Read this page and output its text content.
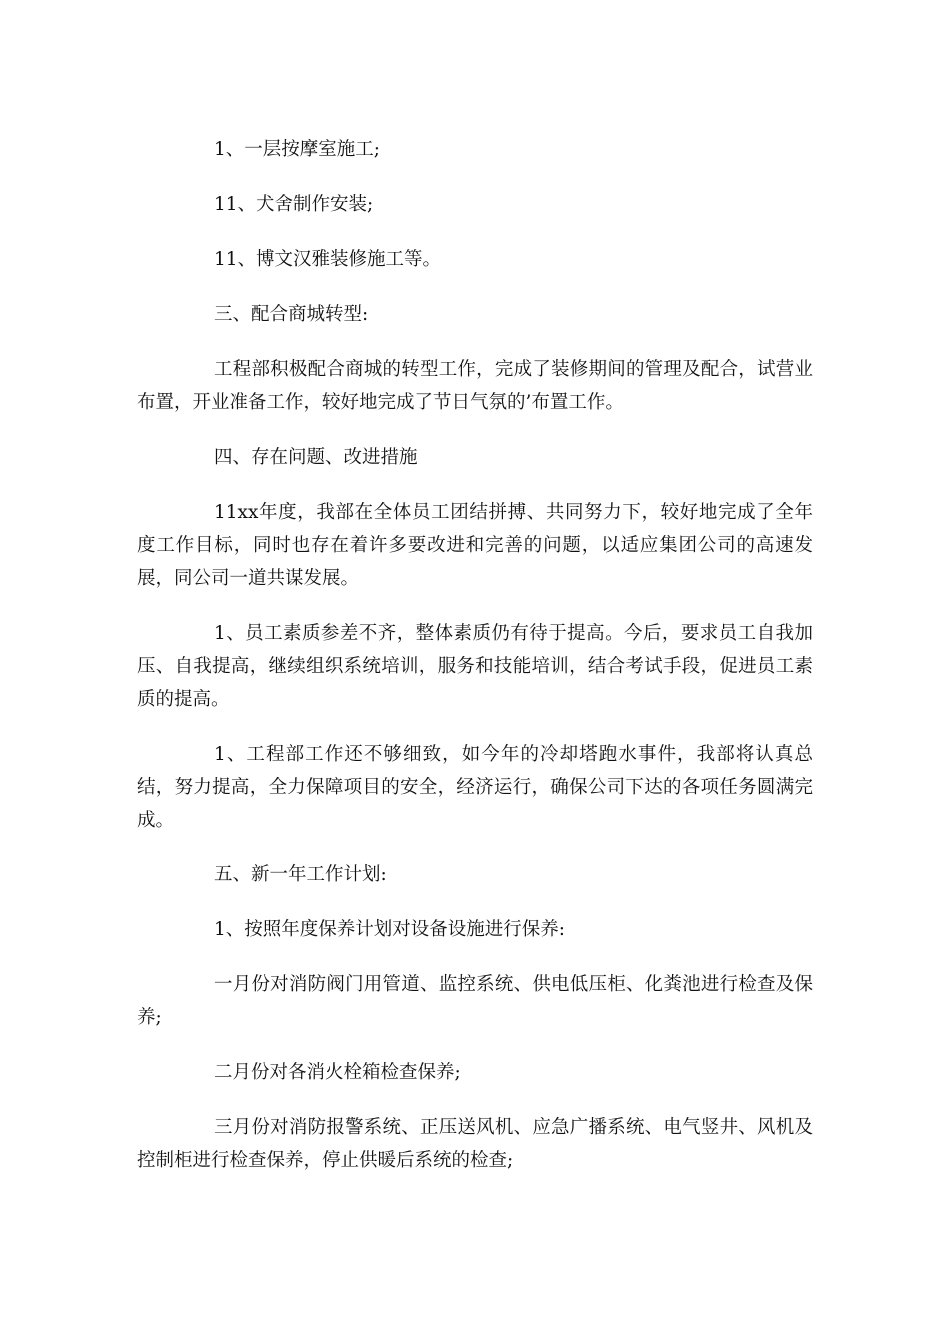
1、一层按摩室施工;

11、犬舍制作安装;

11、博文汉雅装修施工等。

三、配合商城转型:

工程部积极配合商城的转型工作，完成了装修期间的管理及配合，试营业布置，开业准备工作，较好地完成了节日气氛的’布置工作。

四、存在问题、改进措施

11xx年度，我部在全体员工团结拼搏、共同努力下，较好地完成了全年度工作目标，同时也存在着许多要改进和完善的问题，以适应集团公司的高速发展，同公司一道共谋发展。

1、员工素质参差不齐，整体素质仍有待于提高。今后，要求员工自我加压、自我提高，继续组织系统培训，服务和技能培训，结合考试手段，促进员工素质的提高。

1、工程部工作还不够细致，如今年的冷却塔跑水事件，我部将认真总结，努力提高，全力保障项目的安全，经济运行，确保公司下达的各项任务圆满完成。

五、新一年工作计划:

1、按照年度保养计划对设备设施进行保养:

一月份对消防阀门用管道、监控系统、供电低压柜、化粪池进行检查及保养;

二月份对各消火栓箱检查保养;

三月份对消防报警系统、正压送风机、应急广播系统、电气竖井、风机及控制柜进行检查保养，停止供暖后系统的检查;
